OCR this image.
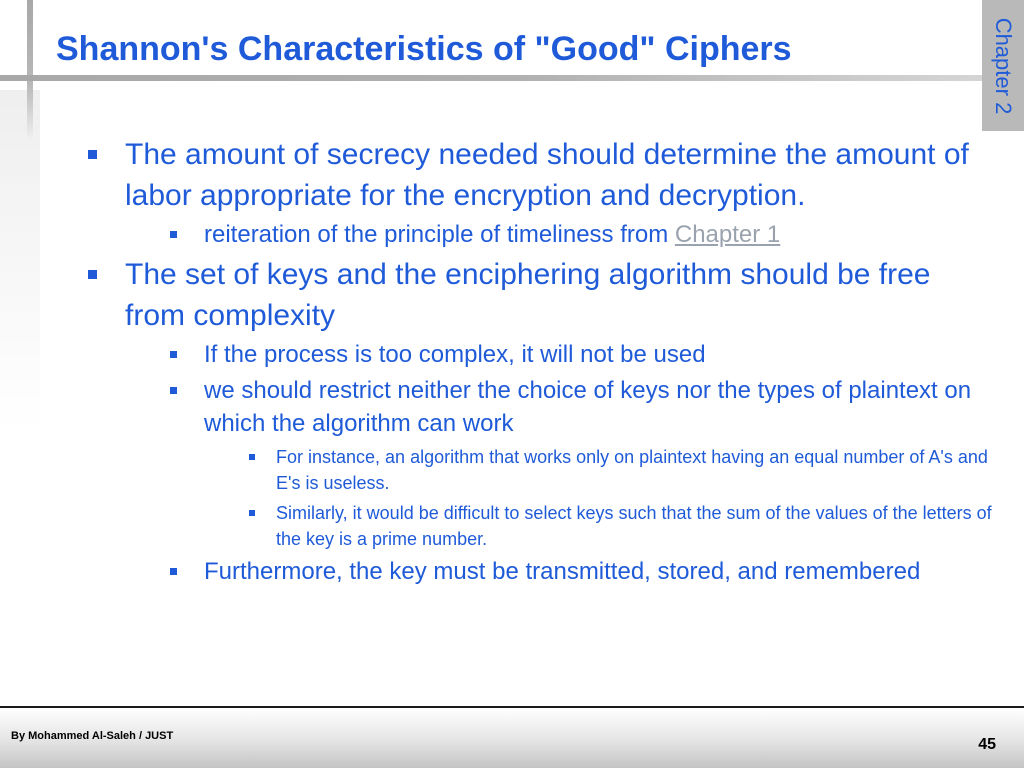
Shannon's Characteristics of "Good" Ciphers	Chapter 2
The amount of secrecy needed should determine the amount of labor appropriate for the encryption and decryption.
reiteration of the principle of timeliness from Chapter 1
The set of keys and the enciphering algorithm should be free from complexity
If the process is too complex, it will not be used
we should restrict neither the choice of keys nor the types of plaintext on which the algorithm can work
For instance, an algorithm that works only on plaintext having an equal number of A's and E's is useless.
Similarly, it would be difficult to select keys such that the sum of the values of the letters of the key is a prime number.
Furthermore, the key must be transmitted, stored, and remembered
By Mohammed Al-Saleh / JUST	45
